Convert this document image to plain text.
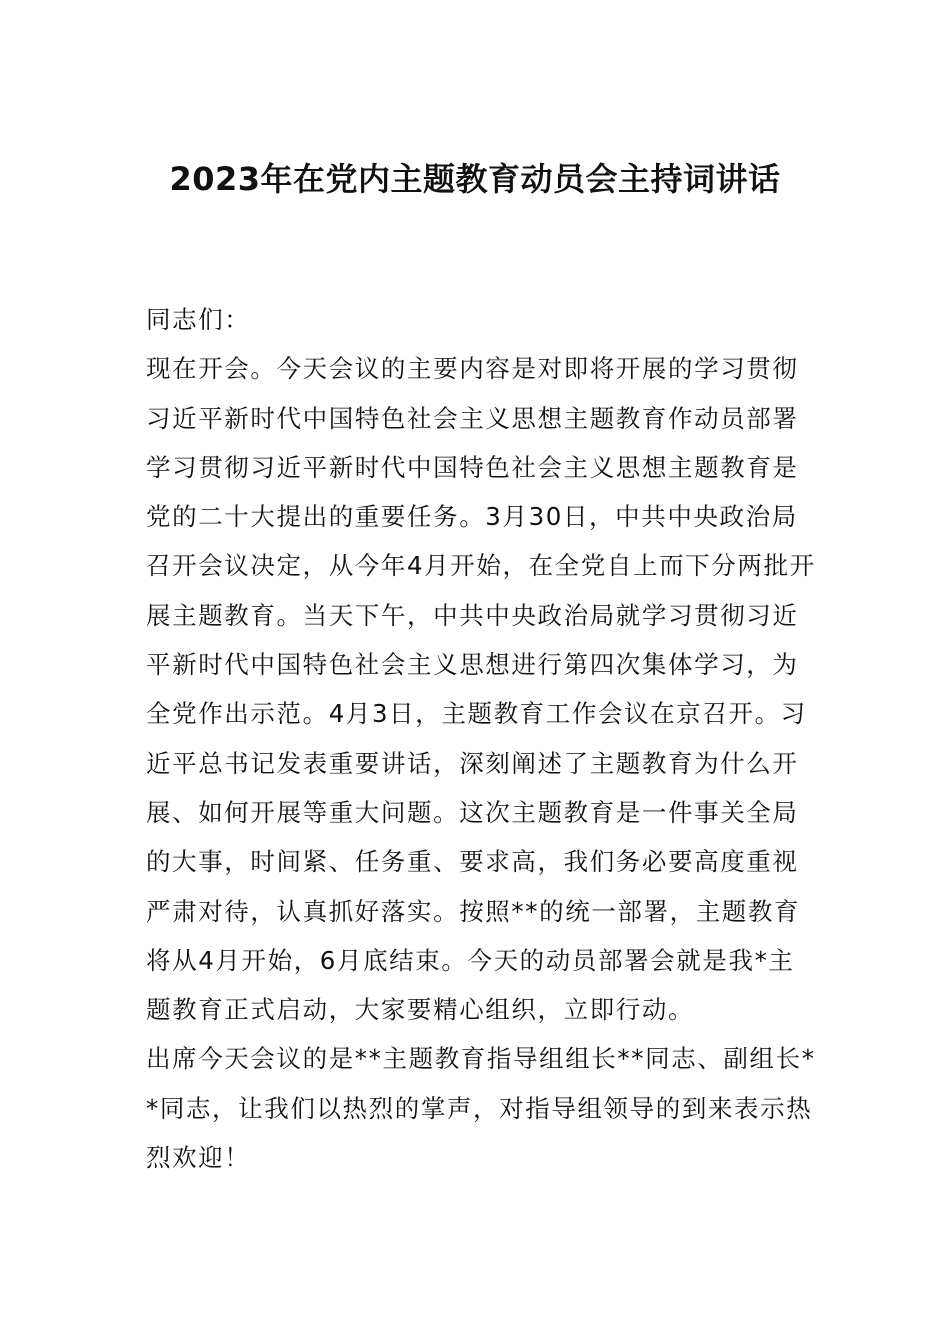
2023年在党内主题教育动员会主持词讲话

同志们：

现在开会。今天会议的主要内容是对即将开展的学习贯彻

习近平新时代中国特色社会主义思想主题教育作动员部署

学习贯彻习近平新时代中国特色社会主义思想主题教育是

党的二十大提出的重要任务。3月30日，中共中央政治局

召开会议决定，从今年4月开始，在全党自上而下分两批开

展主题教育。当天下午，中共中央政治局就学习贯彻习近

平新时代中国特色社会主义思想进行第四次集体学习，为

全党作出示范。4月3日，主题教育工作会议在京召开。习

近平总书记发表重要讲话，深刻阐述了主题教育为什么开

展、如何开展等重大问题。这次主题教育是一件事关全局

的大事，时间紧、任务重、要求高，我们务必要高度重视

严肃对待，认真抓好落实。按照**的统一部署，主题教育

将从4月开始，6月底结束。今天的动员部署会就是我*主

题教育正式启动，大家要精心组织，立即行动。

出席今天会议的是**主题教育指导组组长**同志、副组长*

*同志，让我们以热烈的掌声，对指导组领导的到来表示热

烈欢迎！
